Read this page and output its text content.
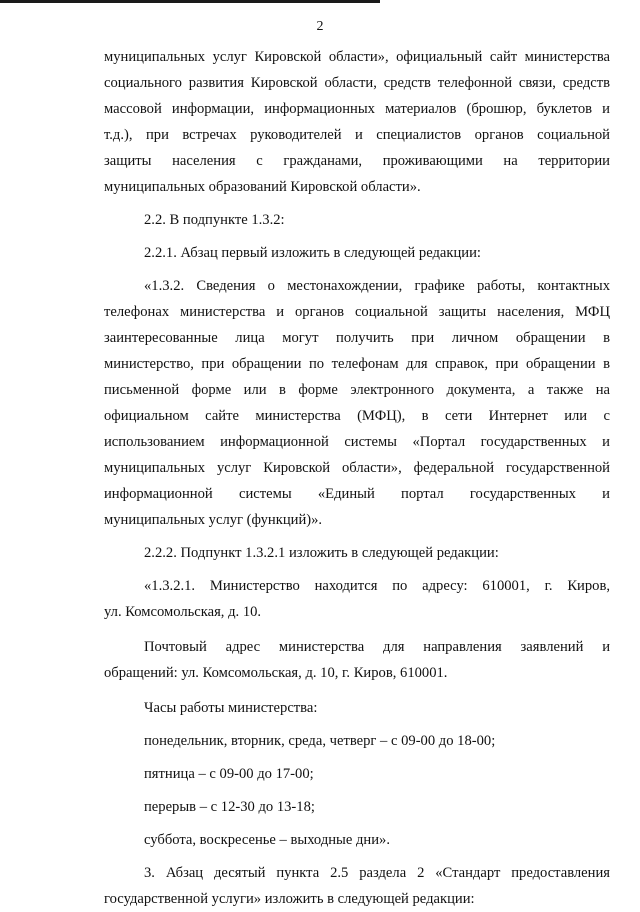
2
муниципальных услуг Кировской области», официальный сайт министерства
социального развития Кировской области, средств телефонной связи, средств
массовой информации, информационных материалов (брошюр, буклетов и
т.д.), при встречах руководителей и специалистов органов социальной
защиты населения с гражданами, проживающими на территории
муниципальных образований Кировской области».
2.2. В подпункте 1.3.2:
2.2.1. Абзац первый изложить в следующей редакции:
«1.3.2. Сведения о местонахождении, графике работы, контактных
телефонах министерства и органов социальной защиты населения, МФЦ
заинтересованные лица могут получить при личном обращении в
министерство, при обращении по телефонам для справок, при обращении в
письменной форме или в форме электронного документа, а также на
официальном сайте министерства (МФЦ), в сети Интернет или с
использованием информационной системы «Портал государственных и
муниципальных услуг Кировской области», федеральной государственной
информационной системы «Единый портал государственных и
муниципальных услуг (функций)».
2.2.2. Подпункт 1.3.2.1 изложить в следующей редакции:
«1.3.2.1. Министерство находится по адресу: 610001, г. Киров,
ул. Комсомольская, д. 10.
Почтовый адрес министерства для направления заявлений и
обращений: ул. Комсомольская, д. 10, г. Киров, 610001.
Часы работы министерства:
понедельник, вторник, среда, четверг – с 09-00 до 18-00;
пятница – с 09-00 до 17-00;
перерыв – с 12-30 до 13-18;
суббота, воскресенье – выходные дни».
3. Абзац десятый пункта 2.5 раздела 2 «Стандарт предоставления
государственной услуги» изложить в следующей редакции:
